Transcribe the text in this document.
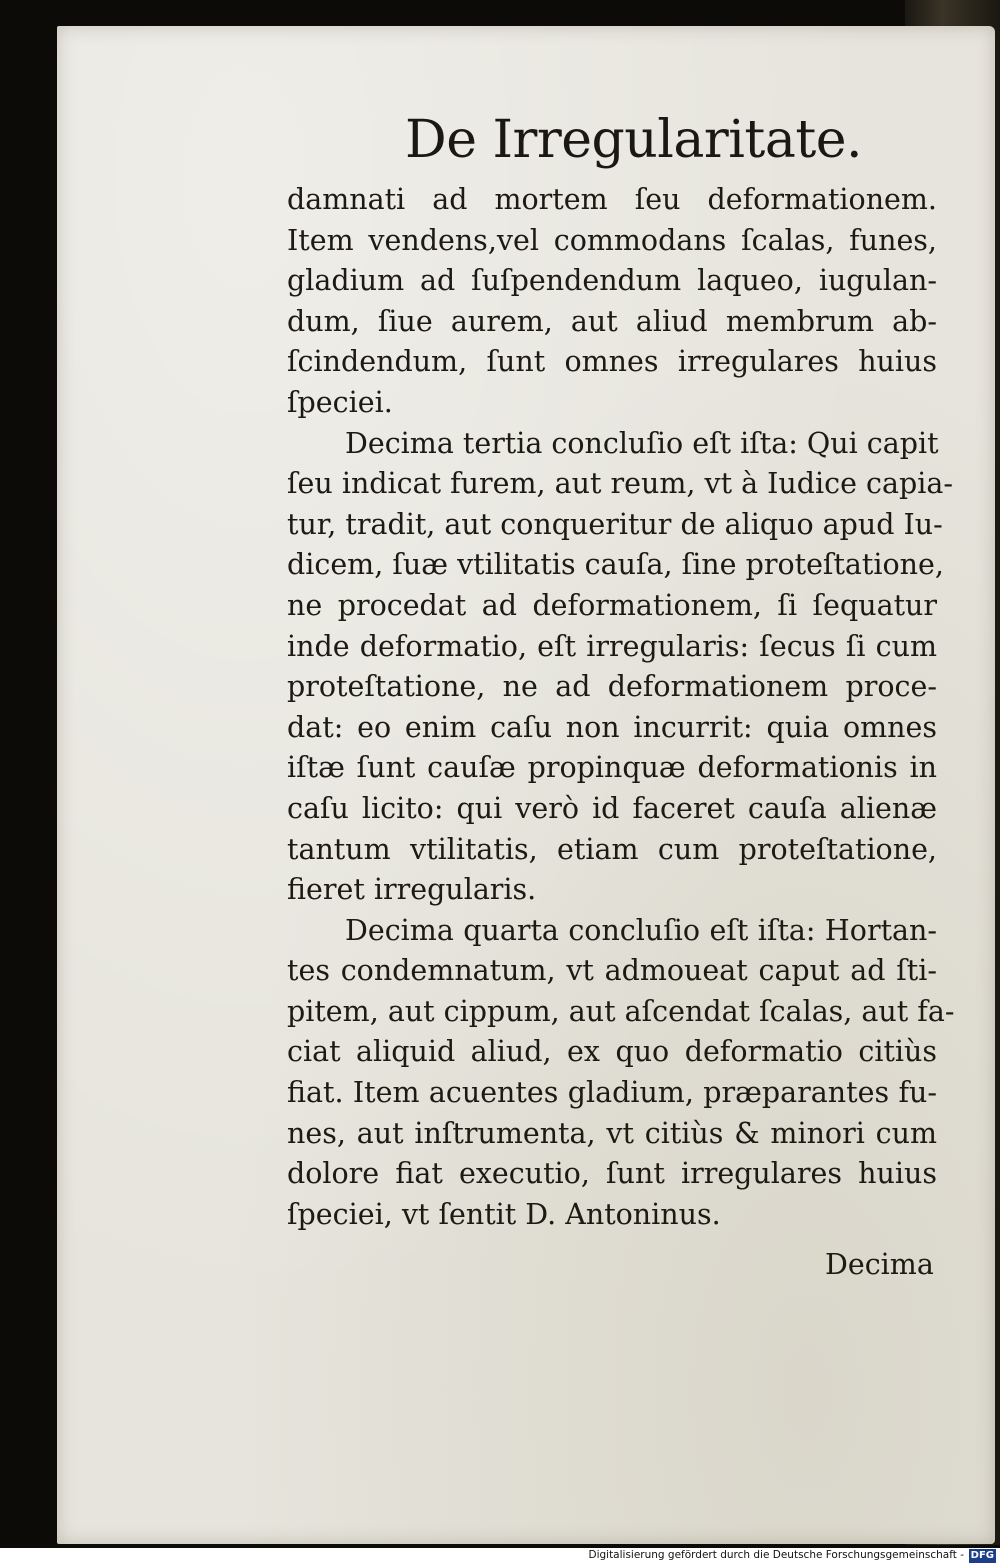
De Irregularitate.
damnati ad mortem ſeu deformationem.
Item vendens,vel commodans ſcalas, funes,
gladium ad ſuſpendendum laqueo, iugulan-
dum, ſiue aurem, aut aliud membrum ab-
ſcindendum, ſunt omnes irregulares huius
ſpeciei.
Decima tertia concluſio eſt iſta: Qui capit
ſeu indicat furem, aut reum, vt à Iudice capia-
tur, tradit, aut conqueritur de aliquo apud Iu-
dicem, ſuæ vtilitatis cauſa, ſine proteſtatione,
ne procedat ad deformationem, ſi ſequatur
inde deformatio, eſt irregularis: ſecus ſi cum
proteſtatione, ne ad deformationem proce-
dat: eo enim caſu non incurrit: quia omnes
iſtæ ſunt cauſæ propinquæ deformationis in
caſu licito: qui verò id faceret cauſa alienæ
tantum vtilitatis, etiam cum proteſtatione,
fieret irregularis.
Decima quarta concluſio eſt iſta: Hortan-
tes condemnatum, vt admoueat caput ad ſti-
pitem, aut cippum, aut aſcendat ſcalas, aut fa-
ciat aliquid aliud, ex quo deformatio citiùs
fiat. Item acuentes gladium, præparantes fu-
nes, aut inſtrumenta, vt citiùs & minori cum
dolore fiat executio, ſunt irregulares huius
ſpeciei, vt ſentit D. Antoninus.
Decima
Digitalisierung gefördert durch die Deutsche Forschungsgemeinschaft - DFG
